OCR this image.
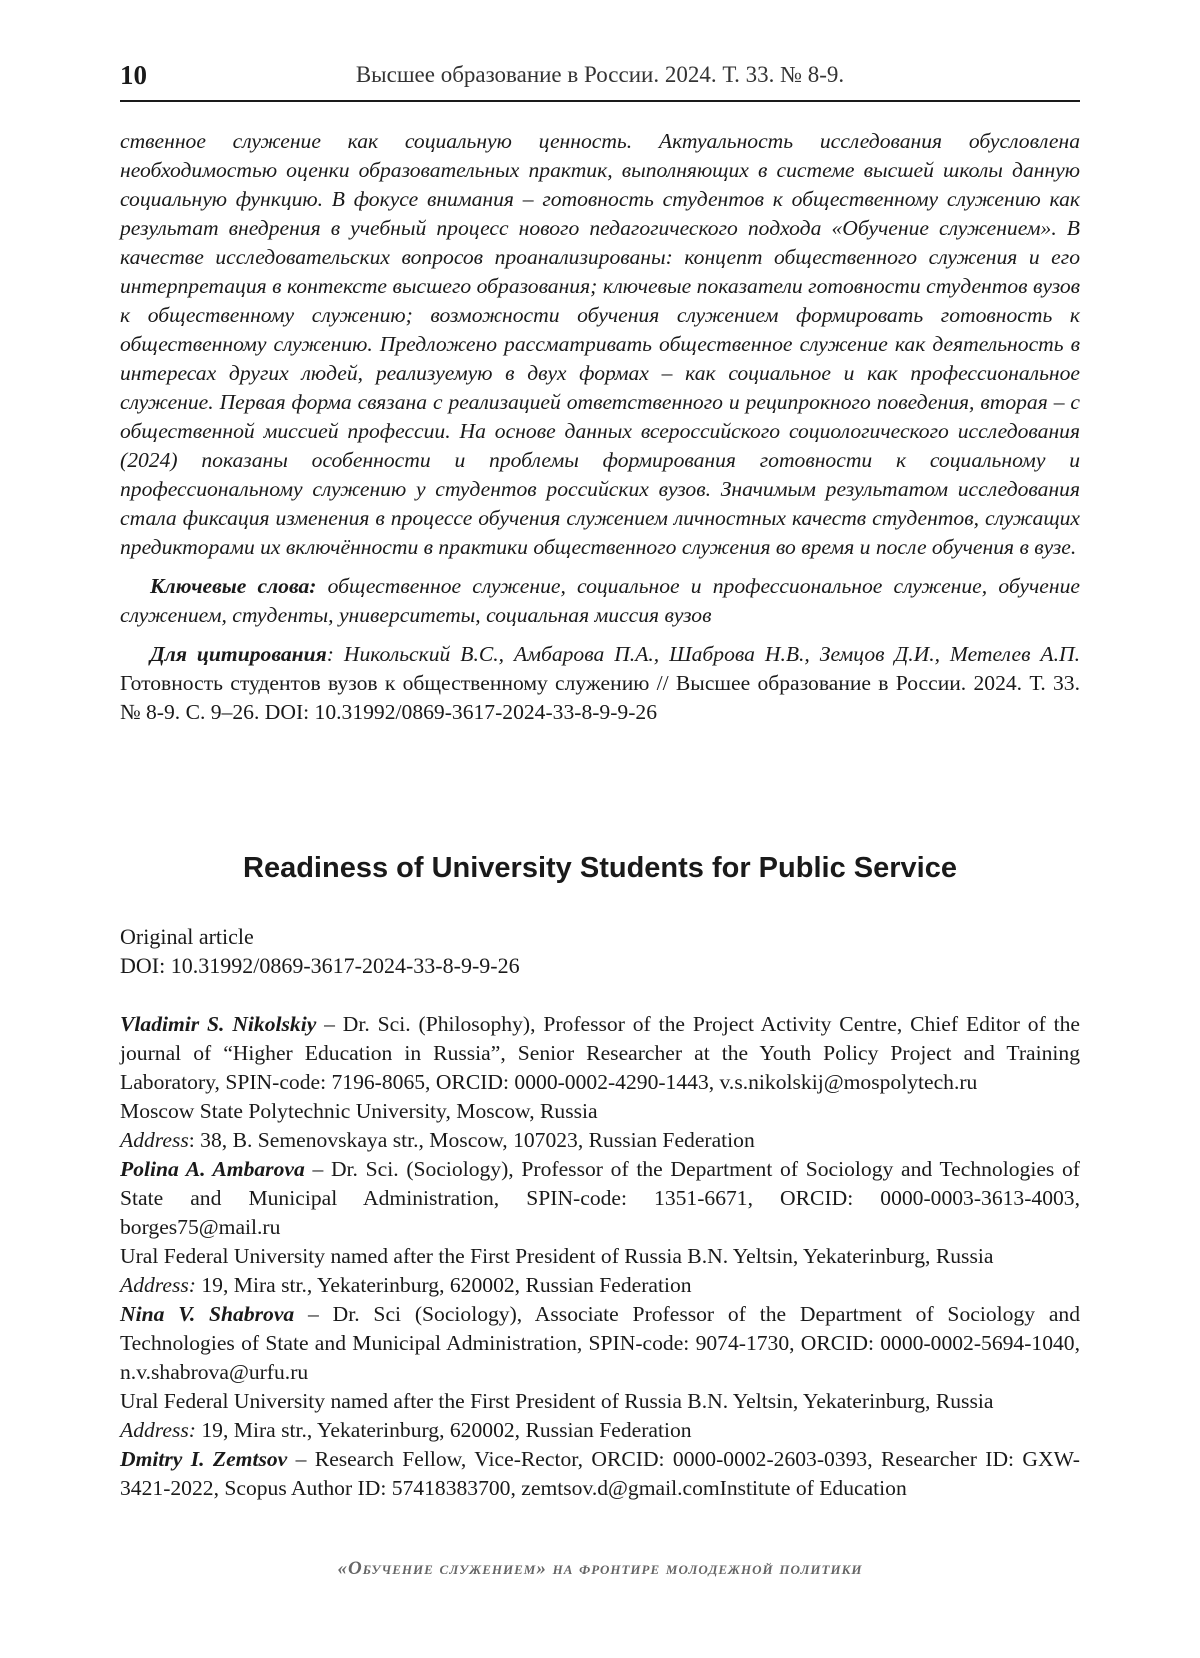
10	Высшее образование в России. 2024. Т. 33. № 8-9.

ственное служение как социальную ценность. Актуальность исследования обусловлена необходимостью оценки образовательных практик, выполняющих в системе высшей школы данную социальную функцию. В фокусе внимания – готовность студентов к общественному служению как результат внедрения в учебный процесс нового педагогического подхода «Обучение служением». В качестве исследовательских вопросов проанализированы: концепт общественного служения и его интерпретация в контексте высшего образования; ключевые показатели готовности студентов вузов к общественному служению; возможности обучения служением формировать готовность к общественному служению. Предложено рассматривать общественное служение как деятельность в интересах других людей, реализуемую в двух формах – как социальное и как профессиональное служение. Первая форма связана с реализацией ответственного и реципрокного поведения, вторая – с общественной миссией профессии. На основе данных всероссийского социологического исследования (2024) показаны особенности и проблемы формирования готовности к социальному и профессиональному служению у студентов российских вузов. Значимым результатом исследования стала фиксация изменения в процессе обучения служением личностных качеств студентов, служащих предикторами их включённости в практики общественного служения во время и после обучения в вузе.

Ключевые слова: общественное служение, социальное и профессиональное служение, обучение служением, студенты, университеты, социальная миссия вузов

Для цитирования: Никольский В.С., Амбарова П.А., Шаброва Н.В., Земцов Д.И., Метелев А.П. Готовность студентов вузов к общественному служению // Высшее образование в России. 2024. Т. 33. № 8-9. С. 9–26. DOI: 10.31992/0869-3617-2024-33-8-9-9-26

Readiness of University Students for Public Service
Original article
DOI: 10.31992/0869-3617-2024-33-8-9-9-26

Vladimir S. Nikolskiy – Dr. Sci. (Philosophy), Professor of the Project Activity Centre, Chief Editor of the journal of “Higher Education in Russia”, Senior Researcher at the Youth Policy Project and Training Laboratory, SPIN-code: 7196-8065, ORCID: 0000-0002-4290-1443, v.s.nikolskij@mospolytech.ru

Moscow State Polytechnic University, Moscow, Russia

Address: 38, B. Semenovskaya str., Moscow, 107023, Russian Federation

Polina A. Ambarova – Dr. Sci. (Sociology), Professor of the Department of Sociology and Technologies of State and Municipal Administration, SPIN-code: 1351-6671, ORCID: 0000-0003-3613-4003, borges75@mail.ru

Ural Federal University named after the First President of Russia B.N. Yeltsin, Yekaterinburg, Russia

Address: 19, Mira str., Yekaterinburg, 620002, Russian Federation

Nina V. Shabrova – Dr. Sci (Sociology), Associate Professor of the Department of Sociology and Technologies of State and Municipal Administration, SPIN-code: 9074-1730, ORCID: 0000-0002-5694-1040, n.v.shabrova@urfu.ru

Ural Federal University named after the First President of Russia B.N. Yeltsin, Yekaterinburg, Russia

Address: 19, Mira str., Yekaterinburg, 620002, Russian Federation

Dmitry I. Zemtsov – Research Fellow, Vice-Rector, ORCID: 0000-0002-2603-0393, Researcher ID: GXW-3421-2022, Scopus Author ID: 57418383700, zemtsov.d@gmail.comInstitute of Education

«Обучение служением» на фронтире молодежной политики
